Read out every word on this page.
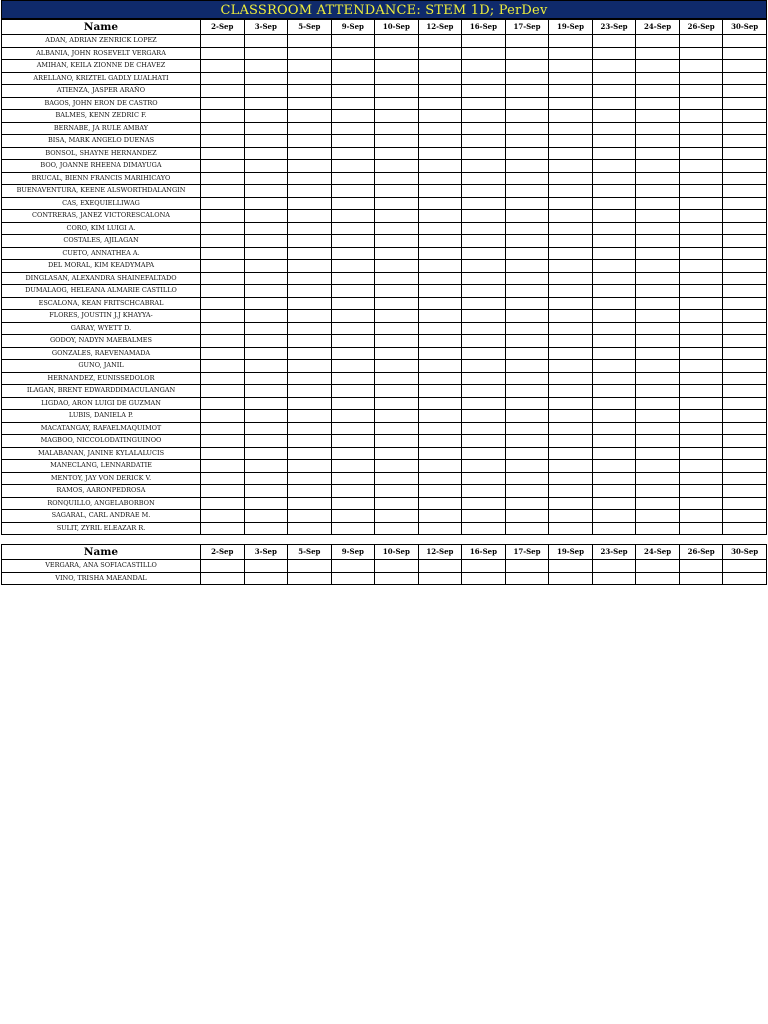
CLASSROOM ATTENDANCE: STEM 1D; PerDev
Name	2-Sep	3-Sep	5-Sep	9-Sep	10-Sep	12-Sep	16-Sep	17-Sep	19-Sep	23-Sep	24-Sep	26-Sep	30-Sep
ADAN, ADRIAN ZENRICK LOPEZ													
ALBANIA, JOHN ROSEVELT VERGARA													
AMIHAN, KEILA ZIONNE DE CHAVEZ													
ARELLANO, KRIZTEL GADLY LUALHATI													
ATIENZA, JASPER ARAÑO													
BAGOS, JOHN ERON DE CASTRO													
BALMES, KENN ZEDRIC F.													
BERNABE, JA RULE AMBAY													
BISA, MARK ANGELO DUENAS													
BONSOL, SHAYNE HERNANDEZ													
BOO, JOANNE RHEENA DIMAYUGA													
BRUCAL, BIENN FRANCIS MARIHICAYO													
BUENAVENTURA, KEENE ALSWORTHDALANGIN													
CAS, EXEQUIELLIWAG													
CONTRERAS, JANEZ VICTORESCALONA													
CORO, KIM LUIGI A.													
COSTALES, AJILAGAN													
CUETO, ANNATHEA A.													
DEL MORAL, KIM KEADYMAPA													
DINGLASAN, ALEXANDRA SHAINEFALTADO													
DUMALAOG, HELEANA ALMARIE CASTILLO													
ESCALONA, KEAN FRITSCHCABRAL													
FLORES, JOUSTIN J.J KHAYYA-													
GARAY, WYETT D.													
GODOY, NADYN MAEBALMES													
GONZALES, RAEVENAMADA													
GUNO, JANIL													
HERNANDEZ, EUNISSEDOLOR													
ILAGAN, BRENT EDWARDDIMACULANGAN													
LIGDAO, ARON LUIGI DE GUZMAN													
LUBIS, DANIELA P.													
MACATANGAY, RAFAELMAQUIMOT													
MAGBOO, NICCOLODATINGUINOO													
MALABANAN, JANINE KYLALALUCIS													
MANECLANG, LENNARDATIE													
MENTOY, JAY VON DERICK V.													
RAMOS, AARONPEDROSA													
RONQUILLO, ANGELABORBON													
SAGARAL, CARL ANDRAE M.													
SULIT, ZYRIL ELEAZAR R.													
Name	2-Sep	3-Sep	5-Sep	9-Sep	10-Sep	12-Sep	16-Sep	17-Sep	19-Sep	23-Sep	24-Sep	26-Sep	30-Sep
VERGARA, ANA SOFIACASTILLO													
VINO, TRISHA MAEANDAL													
